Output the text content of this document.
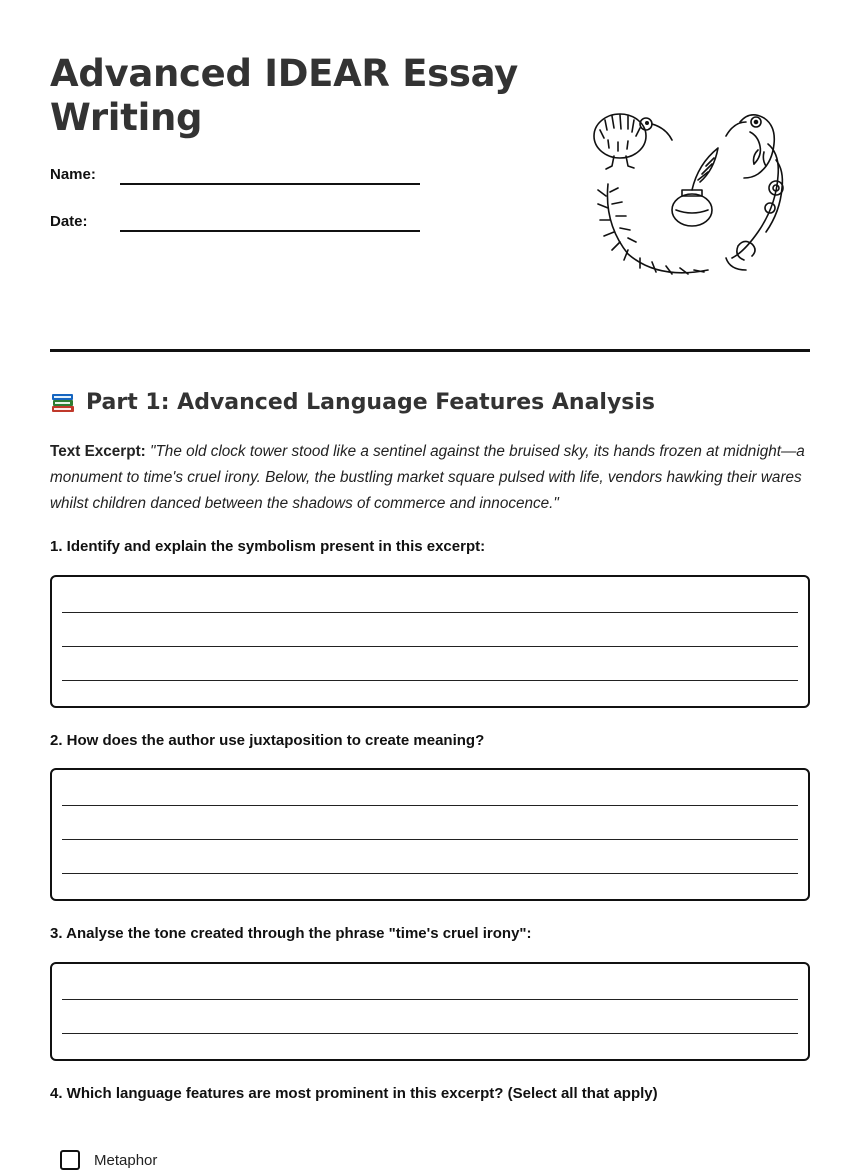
Advanced IDEAR Essay Writing
Name:
Date:
Part 1: Advanced Language Features Analysis

Text Excerpt: "The old clock tower stood like a sentinel against the bruised sky, its hands frozen at midnight—a monument to time's cruel irony. Below, the bustling market square pulsed with life, vendors hawking their wares whilst children danced between the shadows of commerce and innocence."

1. Identify and explain the symbolism present in this excerpt:
2. How does the author use juxtaposition to create meaning?
3. Analyse the tone created through the phrase "time's cruel irony":
4. Which language features are most prominent in this excerpt? (Select all that apply)
Metaphor
